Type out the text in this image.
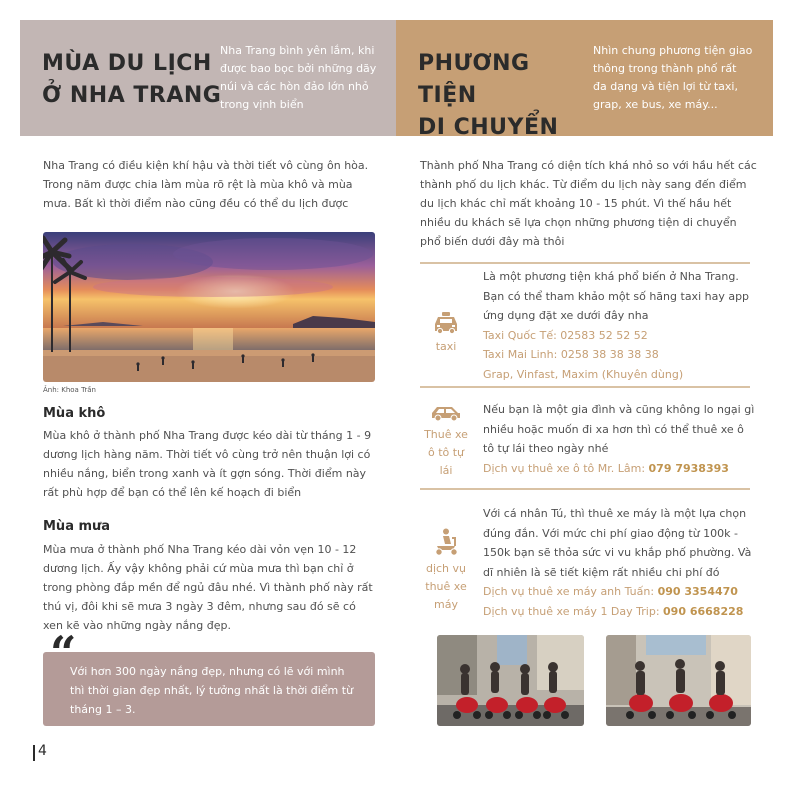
MÙA DU LỊCH
Ở NHA TRANG

Nha Trang bình yên lắm, khi được bao bọc bởi những dãy núi và các hòn đảo lớn nhỏ trong vịnh biển

PHƯƠNG TIỆN
DI CHUYỂN

Nhìn chung phương tiện giao thông trong thành phố rất đa dạng và tiện lợi từ taxi, grap, xe bus, xe máy...

Nha Trang có điều kiện khí hậu và thời tiết vô cùng ôn hòa. Trong năm được chia làm mùa rõ rệt là mùa khô và mùa mưa. Bất kì thời điểm nào cũng đều có thể du lịch được

Ảnh: Khoa Trần
Mùa khô

Mùa khô ở thành phố Nha Trang được kéo dài từ tháng 1 - 9 dương lịch hàng năm. Thời tiết vô cùng trở nên thuận lợi có nhiều nắng, biển trong xanh và ít gợn sóng. Thời điểm này rất phù hợp để bạn có thể lên kế hoạch đi biển

Mùa mưa

Mùa mưa ở thành phố Nha Trang kéo dài vỏn vẹn 10 - 12 dương lịch. Ấy vậy không phải cứ mùa mưa thì bạn chỉ ở trong phòng đắp mền để ngủ đâu nhé. Vì thành phố này rất thú vị, đôi khi sẽ mưa 3 ngày 3 đêm, nhưng sau đó sẽ có xen kẽ vào những ngày nắng đẹp.

“

Với hơn 300 ngày nắng đẹp, nhưng có lẽ với mình thì thời gian đẹp nhất, lý tưởng nhất là thời điểm từ tháng 1 – 3.

4

Thành phố Nha Trang có diện tích khá nhỏ so với hầu hết các thành phố du lịch khác. Từ điểm du lịch này sang đến điểm du lịch khác chỉ mất khoảng 10 - 15 phút. Vì thế hầu hết nhiều du khách sẽ lựa chọn những phương tiện di chuyển phổ biến dưới đây mà thôi

taxi
Là một phương tiện khá phổ biến ở Nha Trang. Bạn có thể tham khảo một số hãng taxi hay app ứng dụng đặt xe dưới đây nha
Taxi Quốc Tế: 02583 52 52 52
Taxi Mai Linh: 0258 38 38 38 38
Grap, Vinfast, Maxim (Khuyên dùng)
Thuê xe
ô tô tự
lái
Nếu bạn là một gia đình và cũng không lo ngại gì nhiều hoặc muốn đi xa hơn thì có thể thuê xe ô tô tự lái theo ngày nhé
Dịch vụ thuê xe ô tô Mr. Lâm: 079 7938393
dịch vụ
thuê xe
máy
Với cá nhân Tú, thì thuê xe máy là một lựa chọn đúng đắn. Với mức chi phí giao động từ 100k - 150k bạn sẽ thỏa sức vi vu khắp phố phường. Và dĩ nhiên là sẽ tiết kiệm rất nhiều chi phí đó
Dịch vụ thuê xe máy anh Tuấn: 090 3354470
Dịch vụ thuê xe máy 1 Day Trip: 090 6668228
